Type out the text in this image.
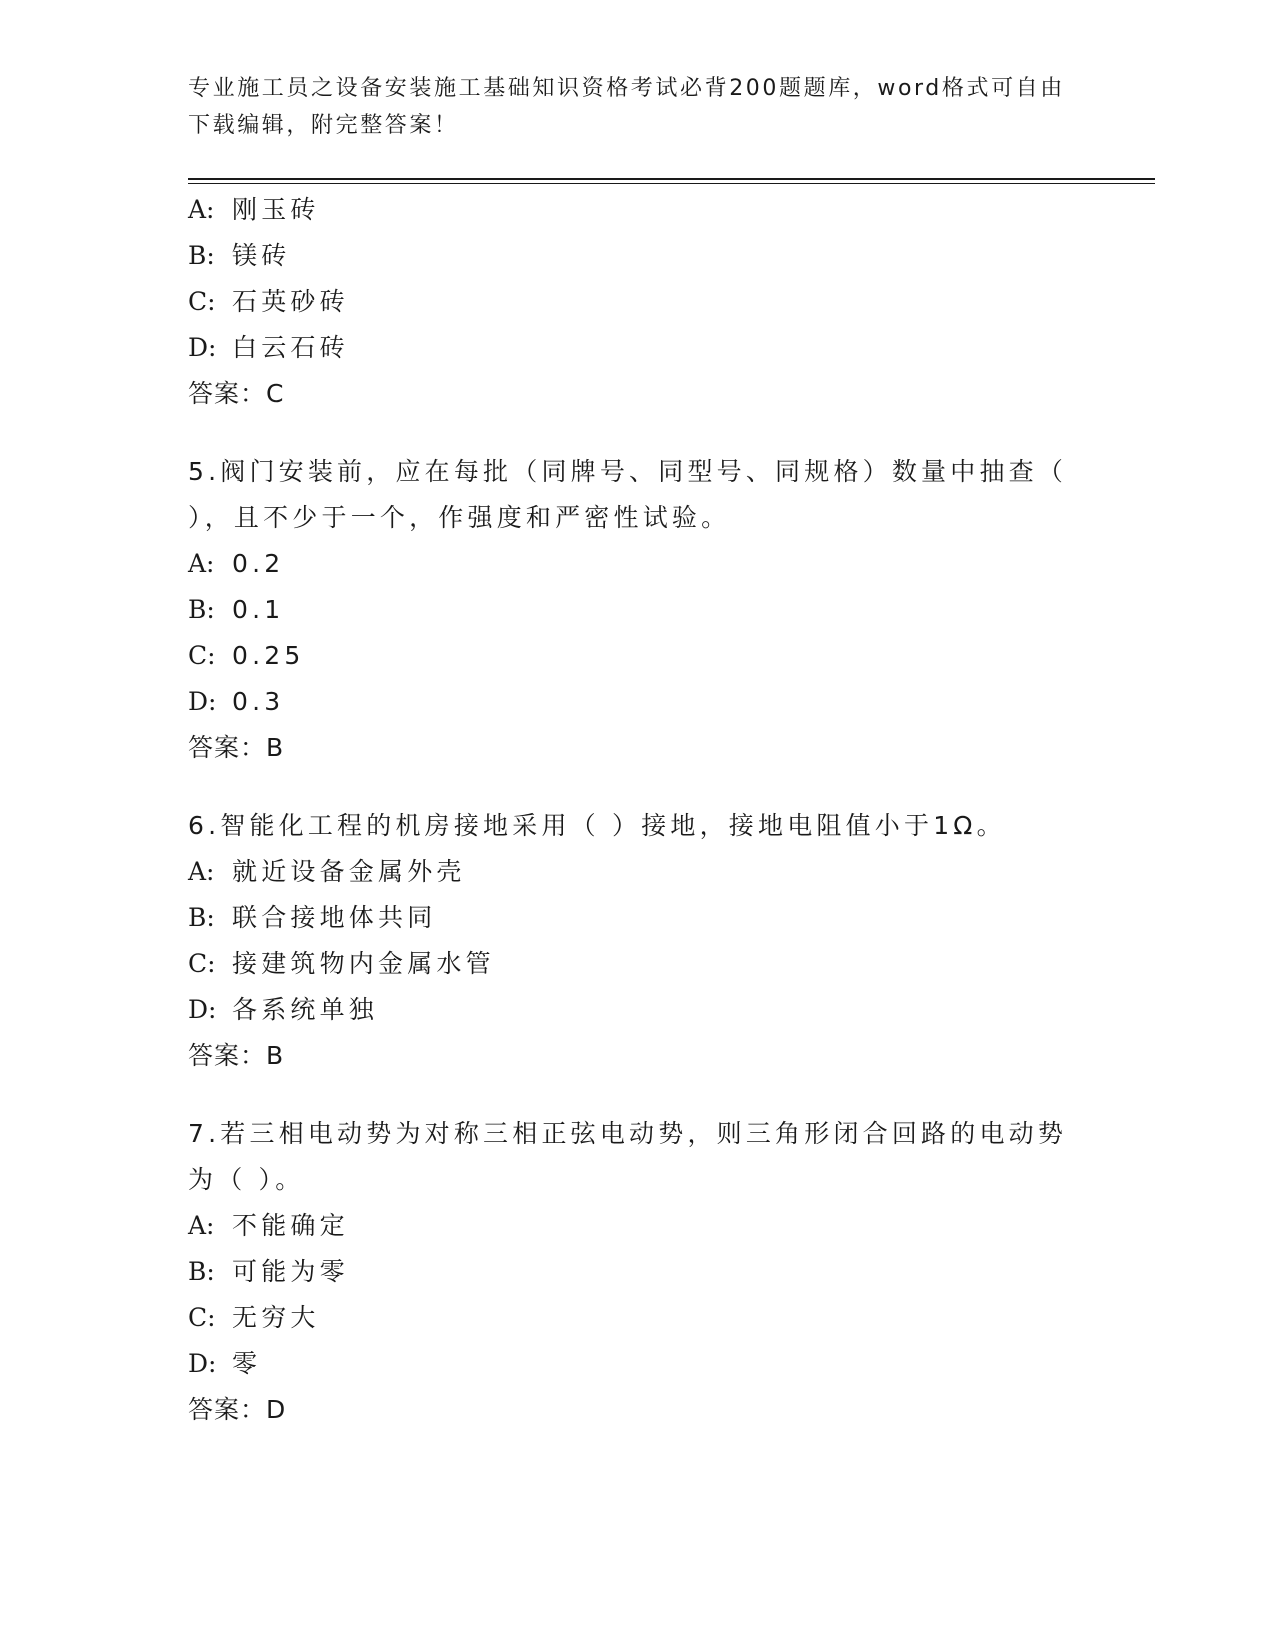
专业施工员之设备安装施工基础知识资格考试必背200题题库，word格式可自由
下载编辑，附完整答案！
A: 刚玉砖
B: 镁砖
C: 石英砂砖
D: 白云石砖
答案：C
5.阀门安装前，应在每批（同牌号、同型号、同规格）数量中抽查（
），且不少于一个，作强度和严密性试验。
A: 0.2
B: 0.1
C: 0.25
D: 0.3
答案：B
6.智能化工程的机房接地采用（ ）接地，接地电阻值小于1Ω。
A: 就近设备金属外壳
B: 联合接地体共同
C: 接建筑物内金属水管
D: 各系统单独
答案：B
7.若三相电动势为对称三相正弦电动势，则三角形闭合回路的电动势
为（ ）。
A: 不能确定
B: 可能为零
C: 无穷大
D: 零
答案：D
